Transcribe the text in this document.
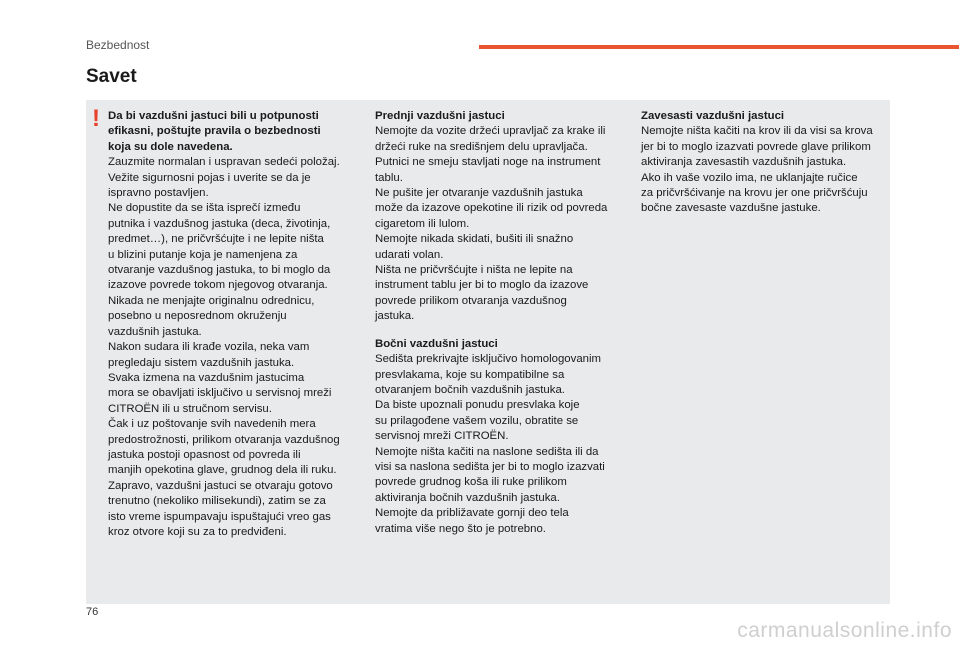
Bezbednost
Savet
! Da bi vazdušni jastuci bili u potpunosti
efikasni, poštujte pravila o bezbednosti
koja su dole navedena.

Zauzmite normalan i uspravan sedeći položaj.
Vežite sigurnosni pojas i uverite se da je
ispravno postavljen.
Ne dopustite da se išta isprečí između
putnika i vazdušnog jastuka (deca, životinja,
predmet…), ne pričvršćujte i ne lepite ništa
u blizini putanje koja je namenjena za
otvaranje vazdušnog jastuka, to bi moglo da
izazove povrede tokom njegovog otvaranja.
Nikada ne menjajte originalnu odrednicu,
posebno u neposrednom okruženju
vazdušnih jastuka.
Nakon sudara ili krađe vozila, neka vam
pregledaju sistem vazdušnih jastuka.
Svaka izmena na vazdušnim jastucima
mora se obavljati isključivo u servisnoj mreži
CITROËN ili u stručnom servisu.
Čak i uz poštovanje svih navedenih mera
predostrožnosti, prilikom otvaranja vazdušnog
jastuka postoji opasnost od povreda ili
manjih opekotina glave, grudnog dela ili ruku.
Zapravo, vazdušni jastuci se otvaraju gotovo
trenutno (nekoliko milisekundi), zatim se za
isto vreme ispumpavaju ispuštajući vreo gas
kroz otvore koji su za to predviđeni.

Prednji vazdušni jastuci

Nemojte da vozite držeći upravljač za krake ili
držeći ruke na središnjem delu upravljača.
Putnici ne smeju stavljati noge na instrument
tablu.
Ne pušite jer otvaranje vazdušnih jastuka
može da izazove opekotine ili rizik od povreda
cigaretom ili lulom.
Nemojte nikada skidati, bušiti ili snažno
udarati volan.
Ništa ne pričvršćujte i ništa ne lepite na
instrument tablu jer bi to moglo da izazove
povrede prilikom otvaranja vazdušnog
jastuka.

Bočni vazdušni jastuci

Sedišta prekrivajte isključivo homologovanim
presvlakama, koje su kompatibilne sa
otvaranjem bočnih vazdušnih jastuka.
Da biste upoznali ponudu presvlaka koje
su prilagođene vašem vozilu, obratite se
servisnoj mreži CITROËN.
Nemojte ništa kačiti na naslone sedišta ili da
visi sa naslona sedišta jer bi to moglo izazvati
povrede grudnog koša ili ruke prilikom
aktiviranja bočnih vazdušnih jastuka.
Nemojte da približavate gornji deo tela
vratima više nego što je potrebno.

Zavesasti vazdušni jastuci

Nemojte ništa kačiti na krov ili da visi sa krova
jer bi to moglo izazvati povrede glave prilikom
aktiviranja zavesastih vazdušnih jastuka.
Ako ih vaše vozilo ima, ne uklanjajte ručice
za pričvršćivanje na krovu jer one pričvršćuju
bočne zavesaste vazdušne jastuke.

76
carmanualsonline.info
